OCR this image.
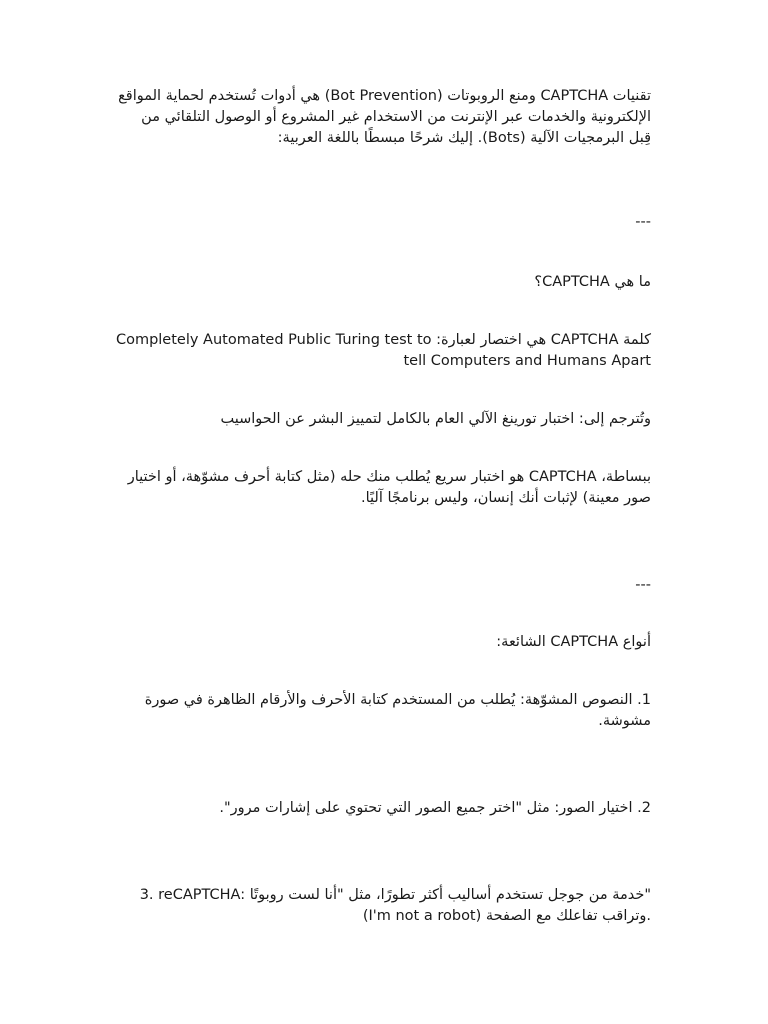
تقنيات CAPTCHA ومنع الروبوتات (Bot Prevention) هي أدوات تُستخدم لحماية المواقع الإلكترونية والخدمات عبر الإنترنت من الاستخدام غير المشروع أو الوصول التلقائي من قِبل البرمجيات الآلية (Bots). إليك شرحًا مبسطًا باللغة العربية:

---

ما هي CAPTCHA؟

كلمة CAPTCHA هي اختصار لعبارة: Completely Automated Public Turing test to tell Computers and Humans Apart

وتُترجم إلى: اختبار تورينغ الآلي العام بالكامل لتمييز البشر عن الحواسيب

ببساطة، CAPTCHA هو اختبار سريع يُطلب منك حله (مثل كتابة أحرف مشوّهة، أو اختيار صور معينة) لإثبات أنك إنسان، وليس برنامجًا آليًا.

---

أنواع CAPTCHA الشائعة:

1. النصوص المشوّهة: يُطلب من المستخدم كتابة الأحرف والأرقام الظاهرة في صورة مشوشة.

2. اختيار الصور: مثل "اختر جميع الصور التي تحتوي على إشارات مرور".

3. reCAPTCHA: خدمة من جوجل تستخدم أساليب أكثر تطورًا، مثل "أنا لست روبوتًا" (I'm not a robot) وتراقب تفاعلك مع الصفحة.
